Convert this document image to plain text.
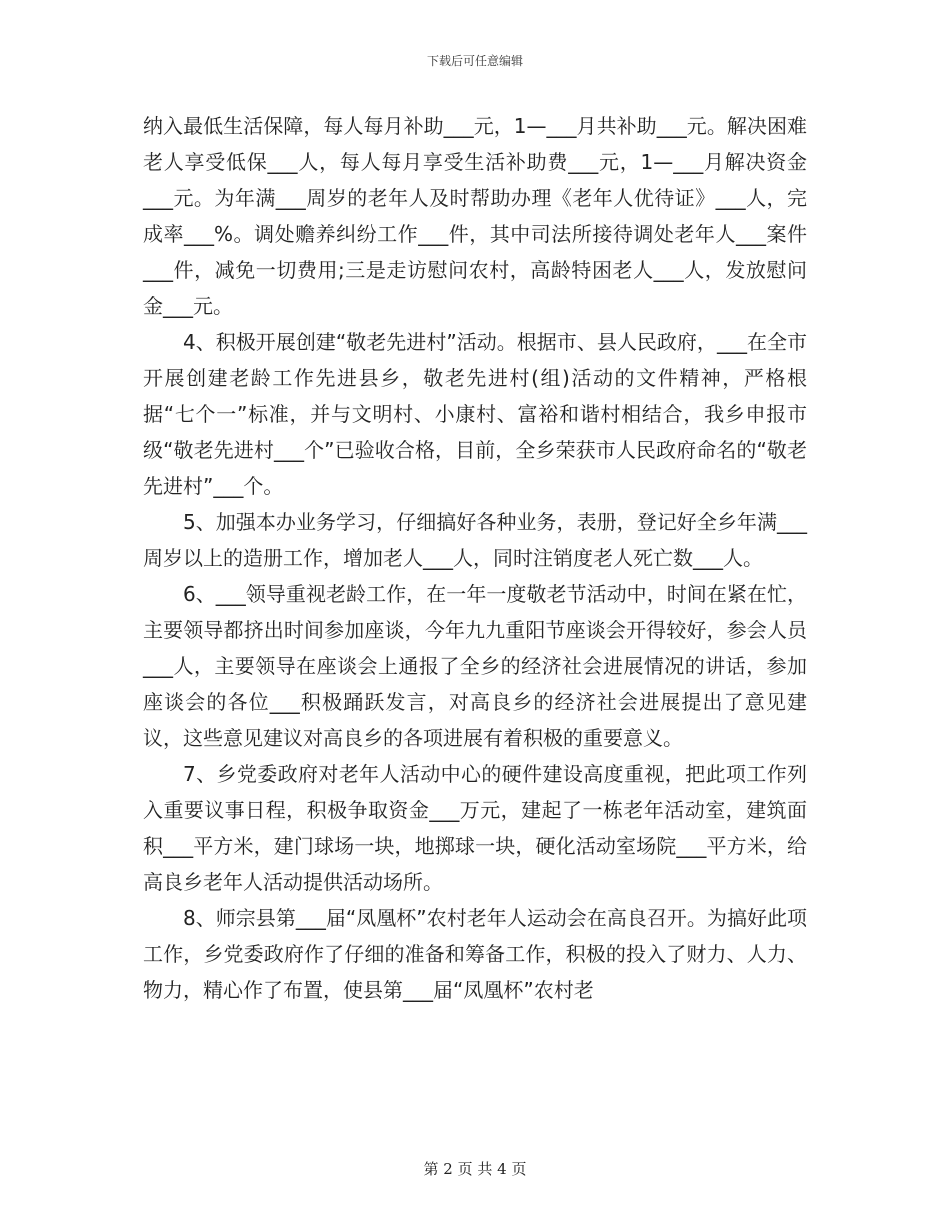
下载后可任意编辑

纳入最低生活保障，每人每月补助___元，1—___月共补助___元。解决困难老人享受低保___人，每人每月享受生活补助费___元，1—___月解决资金___元。为年满___周岁的老年人及时帮助办理《老年人优待证》___人，完成率___%。调处赡养纠纷工作___件，其中司法所接待调处老年人___案件___件，减免一切费用;三是走访慰问农村，高龄特困老人___人，发放慰问金___元。

4、积极开展创建“敬老先进村”活动。根据市、县人民政府，___在全市开展创建老龄工作先进县乡，敬老先进村(组)活动的文件精神，严格根据“七个一”标准，并与文明村、小康村、富裕和谐村相结合，我乡申报市级“敬老先进村___个”已验收合格，目前，全乡荣获市人民政府命名的“敬老先进村”___个。

5、加强本办业务学习，仔细搞好各种业务，表册，登记好全乡年满___周岁以上的造册工作，增加老人___人，同时注销度老人死亡数___人。

6、___领导重视老龄工作，在一年一度敬老节活动中，时间在紧在忙，主要领导都挤出时间参加座谈，今年九九重阳节座谈会开得较好，参会人员___人，主要领导在座谈会上通报了全乡的经济社会进展情况的讲话，参加座谈会的各位___积极踊跃发言，对高良乡的经济社会进展提出了意见建议，这些意见建议对高良乡的各项进展有着积极的重要意义。

7、乡党委政府对老年人活动中心的硬件建设高度重视，把此项工作列入重要议事日程，积极争取资金___万元，建起了一栋老年活动室，建筑面积___平方米，建门球场一块，地掷球一块，硬化活动室场院___平方米，给高良乡老年人活动提供活动场所。

8、师宗县第___届“凤凰杯”农村老年人运动会在高良召开。为搞好此项工作，乡党委政府作了仔细的准备和筹备工作，积极的投入了财力、人力、物力，精心作了布置，使县第___届“凤凰杯”农村老

第 2 页 共 4 页
